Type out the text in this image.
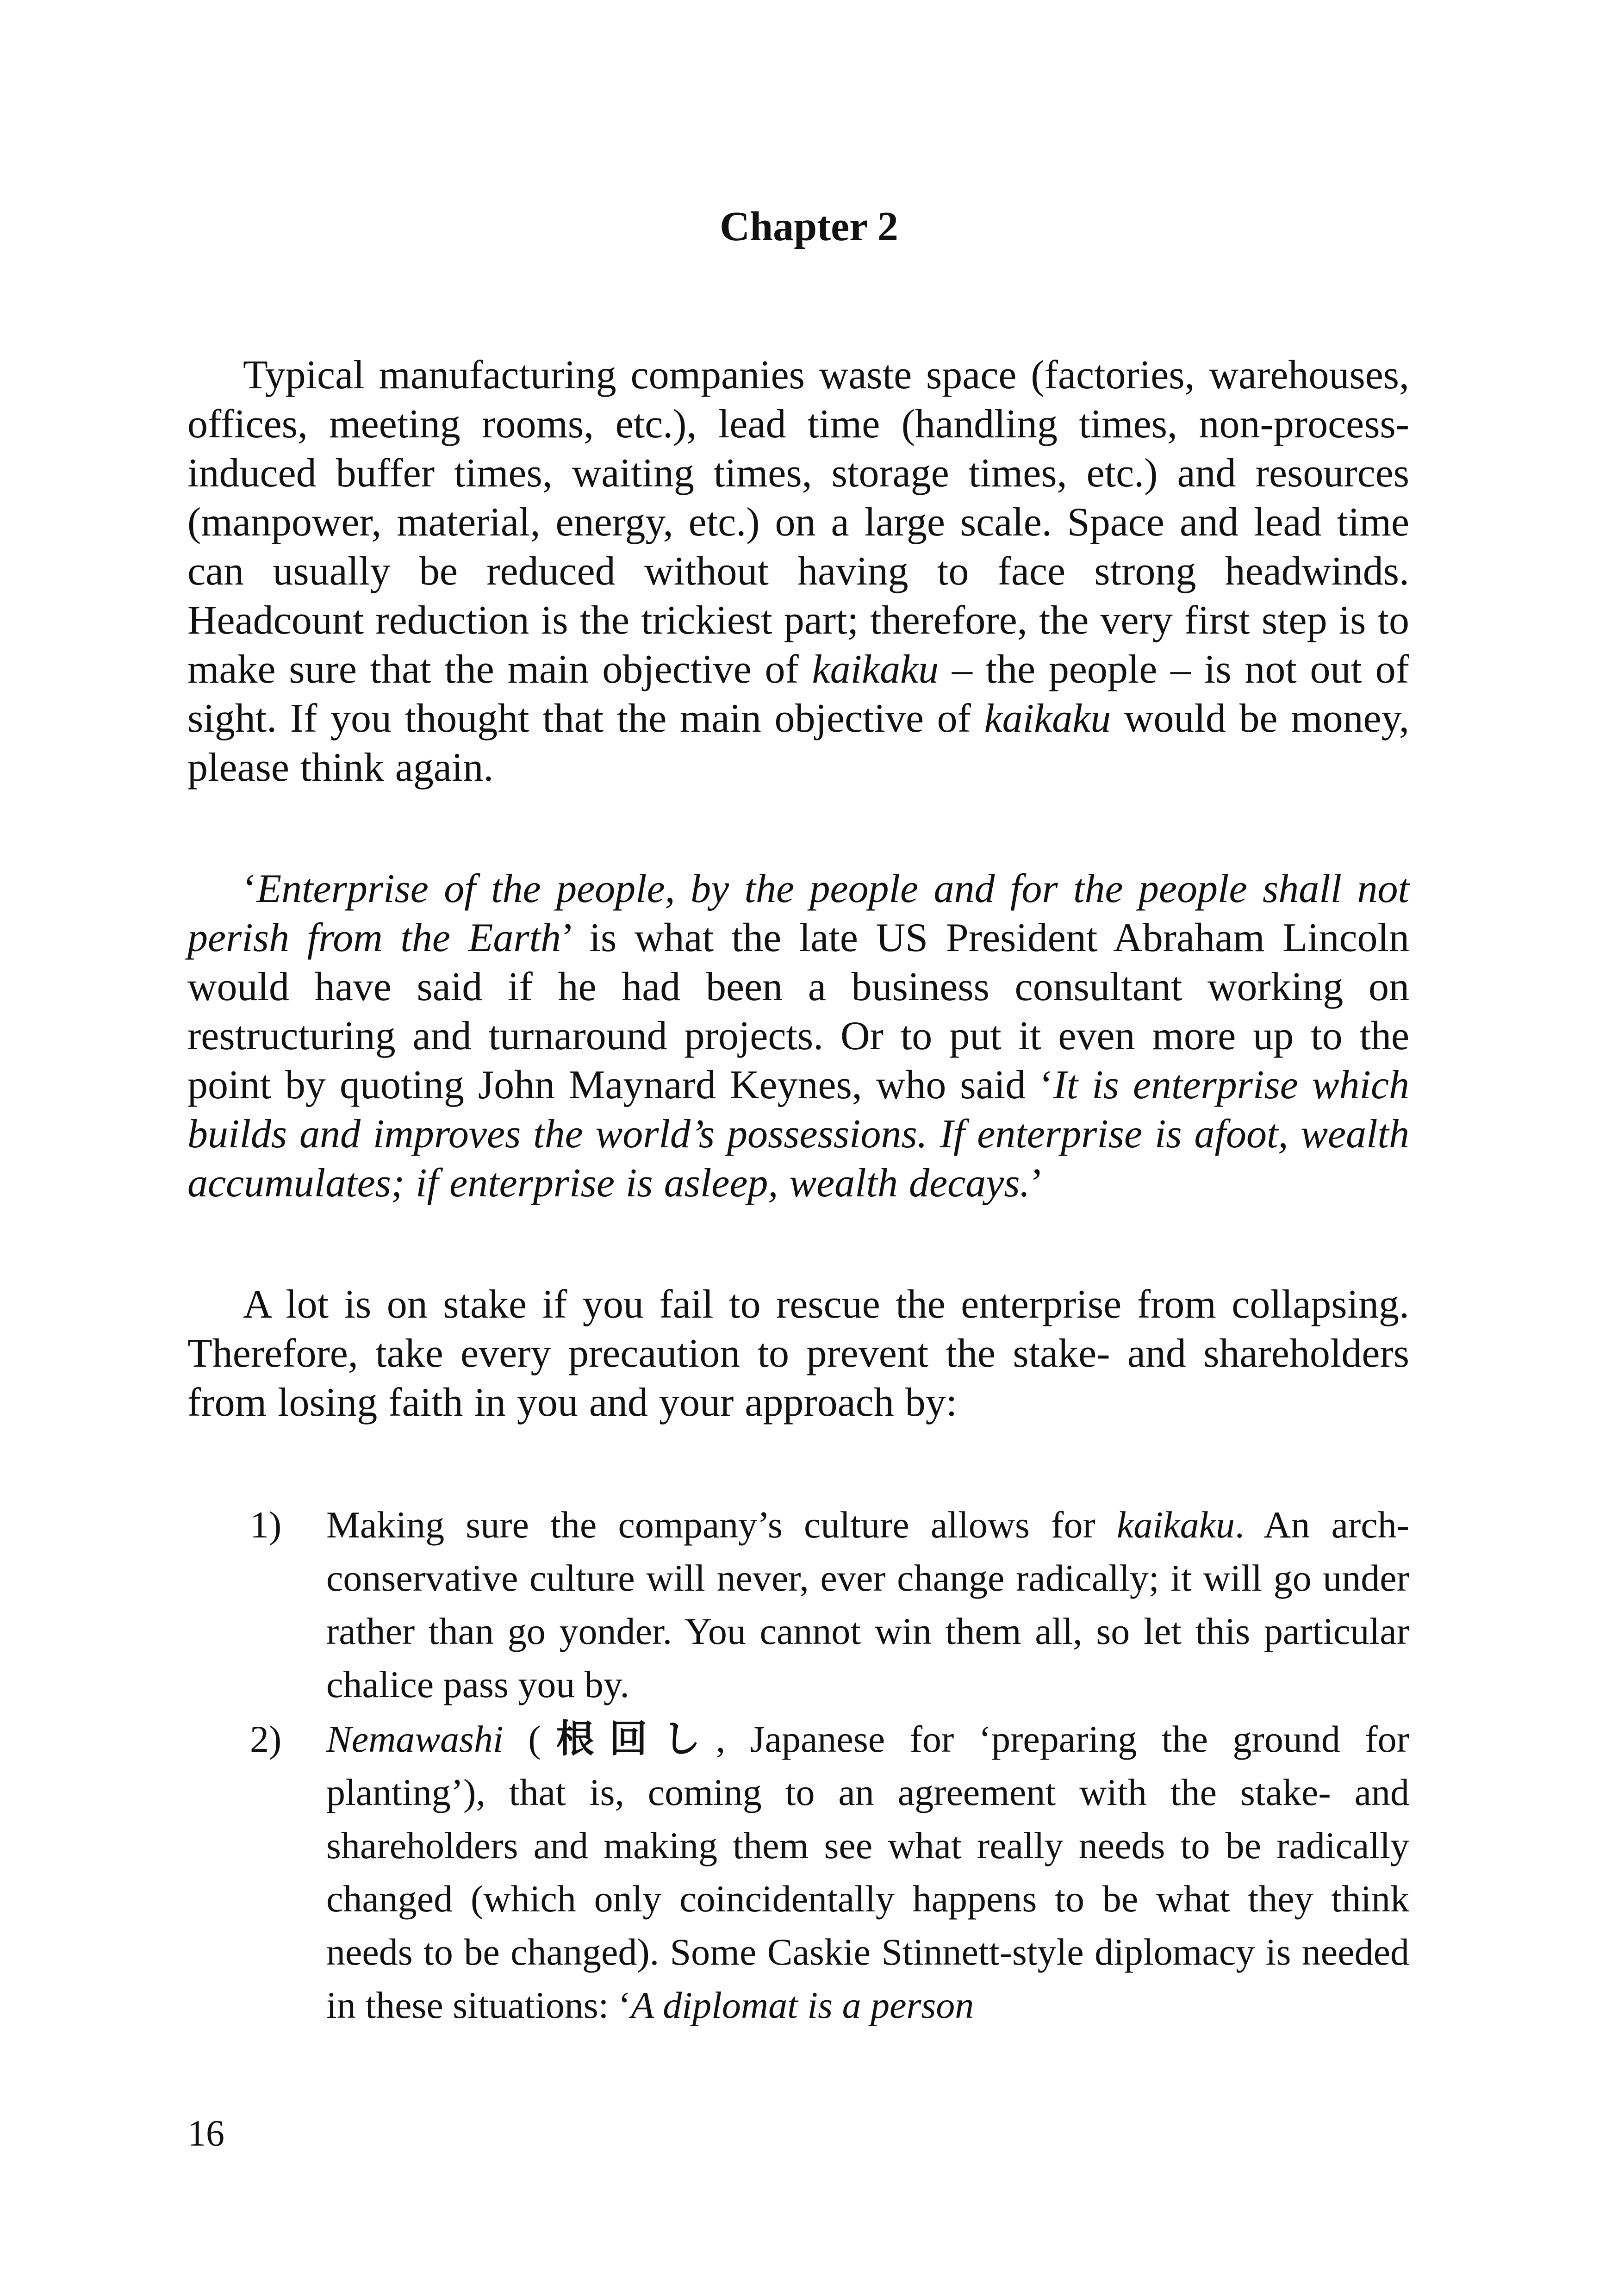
Chapter 2

Typical manufacturing companies waste space (factories, warehouses, offices, meeting rooms, etc.), lead time (handling times, non-process-induced buffer times, waiting times, storage times, etc.) and resources (manpower, material, energy, etc.) on a large scale. Space and lead time can usually be reduced without having to face strong headwinds. Headcount reduction is the trickiest part; therefore, the very first step is to make sure that the main objective of kaikaku – the people – is not out of sight. If you thought that the main objective of kaikaku would be money, please think again.

‘Enterprise of the people, by the people and for the people shall not perish from the Earth’ is what the late US President Abraham Lincoln would have said if he had been a business consultant working on restructuring and turnaround projects. Or to put it even more up to the point by quoting John Maynard Keynes, who said ‘It is enterprise which builds and improves the world’s possessions. If enterprise is afoot, wealth accumulates; if enterprise is asleep, wealth decays.’

A lot is on stake if you fail to rescue the enterprise from collapsing. Therefore, take every precaution to prevent the stake- and shareholders from losing faith in you and your approach by:

1) Making sure the company’s culture allows for kaikaku. An arch-conservative culture will never, ever change radically; it will go under rather than go yonder. You cannot win them all, so let this particular chalice pass you by.

2) Nemawashi (根回し, Japanese for ‘preparing the ground for planting’), that is, coming to an agreement with the stake- and shareholders and making them see what really needs to be radically changed (which only coincidentally happens to be what they think needs to be changed). Some Caskie Stinnett-style diplomacy is needed in these situations: ‘A diplomat is a person

16
